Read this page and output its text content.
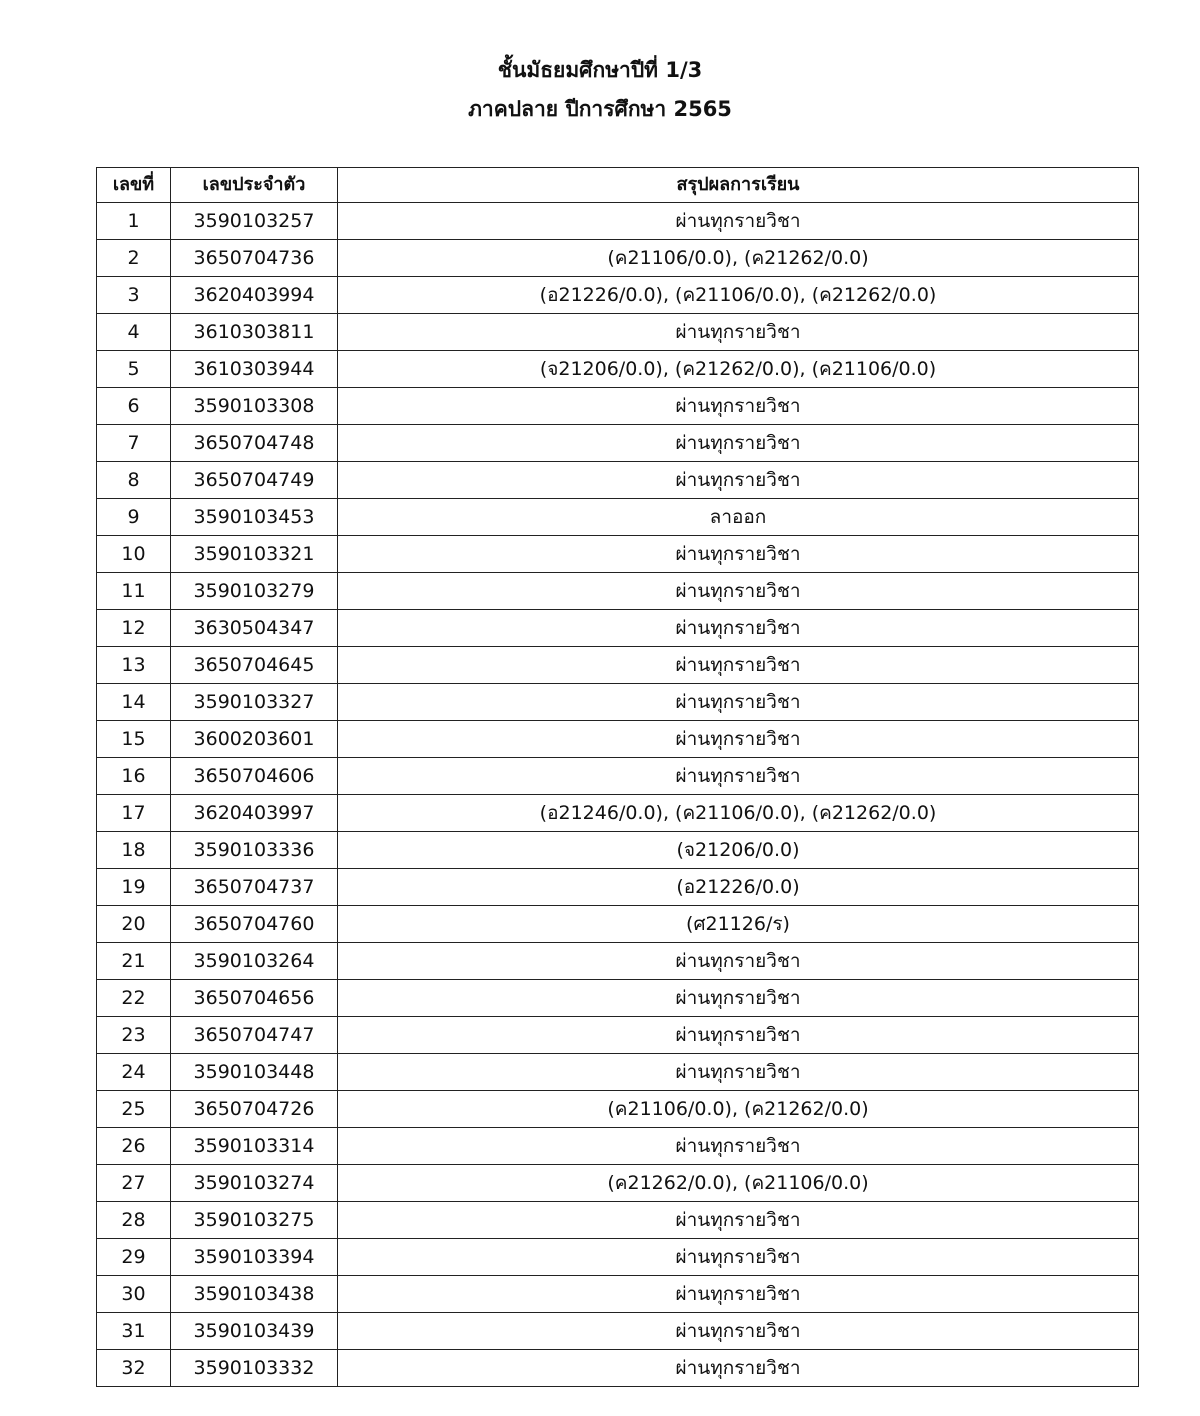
ชั้นมัธยมศึกษาปีที่ 1/3
ภาคปลาย ปีการศึกษา 2565
เลขที่	เลขประจำตัว	สรุปผลการเรียน
1	3590103257	ผ่านทุกรายวิชา
2	3650704736	(ค21106/0.0), (ค21262/0.0)
3	3620403994	(อ21226/0.0), (ค21106/0.0), (ค21262/0.0)
4	3610303811	ผ่านทุกรายวิชา
5	3610303944	(จ21206/0.0), (ค21262/0.0), (ค21106/0.0)
6	3590103308	ผ่านทุกรายวิชา
7	3650704748	ผ่านทุกรายวิชา
8	3650704749	ผ่านทุกรายวิชา
9	3590103453	ลาออก
10	3590103321	ผ่านทุกรายวิชา
11	3590103279	ผ่านทุกรายวิชา
12	3630504347	ผ่านทุกรายวิชา
13	3650704645	ผ่านทุกรายวิชา
14	3590103327	ผ่านทุกรายวิชา
15	3600203601	ผ่านทุกรายวิชา
16	3650704606	ผ่านทุกรายวิชา
17	3620403997	(อ21246/0.0), (ค21106/0.0), (ค21262/0.0)
18	3590103336	(จ21206/0.0)
19	3650704737	(อ21226/0.0)
20	3650704760	(ศ21126/ร)
21	3590103264	ผ่านทุกรายวิชา
22	3650704656	ผ่านทุกรายวิชา
23	3650704747	ผ่านทุกรายวิชา
24	3590103448	ผ่านทุกรายวิชา
25	3650704726	(ค21106/0.0), (ค21262/0.0)
26	3590103314	ผ่านทุกรายวิชา
27	3590103274	(ค21262/0.0), (ค21106/0.0)
28	3590103275	ผ่านทุกรายวิชา
29	3590103394	ผ่านทุกรายวิชา
30	3590103438	ผ่านทุกรายวิชา
31	3590103439	ผ่านทุกรายวิชา
32	3590103332	ผ่านทุกรายวิชา
